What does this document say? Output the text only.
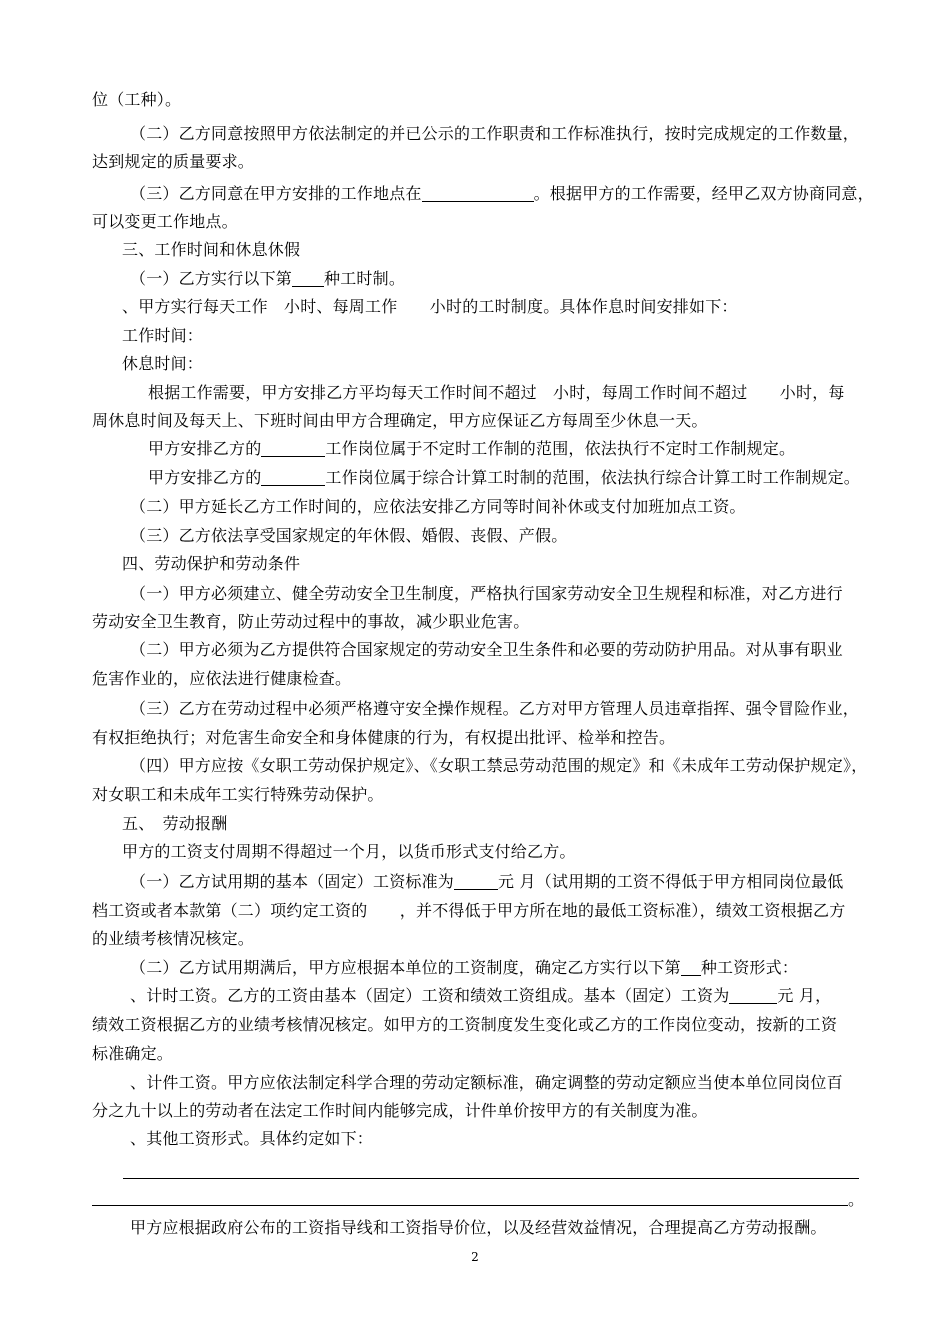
位（工种）。
（二）乙方同意按照甲方依法制定的并已公示的工作职责和工作标准执行，按时完成规定的工作数量，
达到规定的质量要求。
（三）乙方同意在甲方安排的工作地点在	。根据甲方的工作需要，经甲乙双方协商同意，
可以变更工作地点。
三、工作时间和休息休假
（一）乙方实行以下第 种工时制。
、甲方实行每天工作　小时、每周工作　　小时的工时制度。具体作息时间安排如下：
工作时间：
休息时间：
根据工作需要，甲方安排乙方平均每天工作时间不超过　小时，每周工作时间不超过　　小时，每
周休息时间及每天上、下班时间由甲方合理确定，甲方应保证乙方每周至少休息一天。
甲方安排乙方的	工作岗位属于不定时工作制的范围，依法执行不定时工作制规定。
甲方安排乙方的	工作岗位属于综合计算工时制的范围，依法执行综合计算工时工作制规定。
（二）甲方延长乙方工作时间的，应依法安排乙方同等时间补休或支付加班加点工资。
（三）乙方依法享受国家规定的年休假、婚假、丧假、产假。
四、劳动保护和劳动条件
（一）甲方必须建立、健全劳动安全卫生制度，严格执行国家劳动安全卫生规程和标准，对乙方进行
劳动安全卫生教育，防止劳动过程中的事故，减少职业危害。
（二）甲方必须为乙方提供符合国家规定的劳动安全卫生条件和必要的劳动防护用品。对从事有职业
危害作业的，应依法进行健康检查。
（三）乙方在劳动过程中必须严格遵守安全操作规程。乙方对甲方管理人员违章指挥、强令冒险作业，
有权拒绝执行；对危害生命安全和身体健康的行为，有权提出批评、检举和控告。
（四）甲方应按《女职工劳动保护规定》、《女职工禁忌劳动范围的规定》和《未成年工劳动保护规定》，
对女职工和未成年工实行特殊劳动保护。
五、　劳动报酬
甲方的工资支付周期不得超过一个月，以货币形式支付给乙方。
（一）乙方试用期的基本（固定）工资标准为	元 月（试用期的工资不得低于甲方相同岗位最低
档工资或者本款第（二）项约定工资的　　，并不得低于甲方所在地的最低工资标准），绩效工资根据乙方
的业绩考核情况核定。
（二）乙方试用期满后，甲方应根据本单位的工资制度，确定乙方实行以下第 种工资形式：
、计时工资。乙方的工资由基本（固定）工资和绩效工资组成。基本（固定）工资为	元 月，
绩效工资根据乙方的业绩考核情况核定。如甲方的工资制度发生变化或乙方的工作岗位变动，按新的工资
标准确定。
、计件工资。甲方应依法制定科学合理的劳动定额标准，确定调整的劳动定额应当使本单位同岗位百
分之九十以上的劳动者在法定工作时间内能够完成，计件单价按甲方的有关制度为准。
、其他工资形式。具体约定如下：
。
甲方应根据政府公布的工资指导线和工资指导价位，以及经营效益情况，合理提高乙方劳动报酬。
2
